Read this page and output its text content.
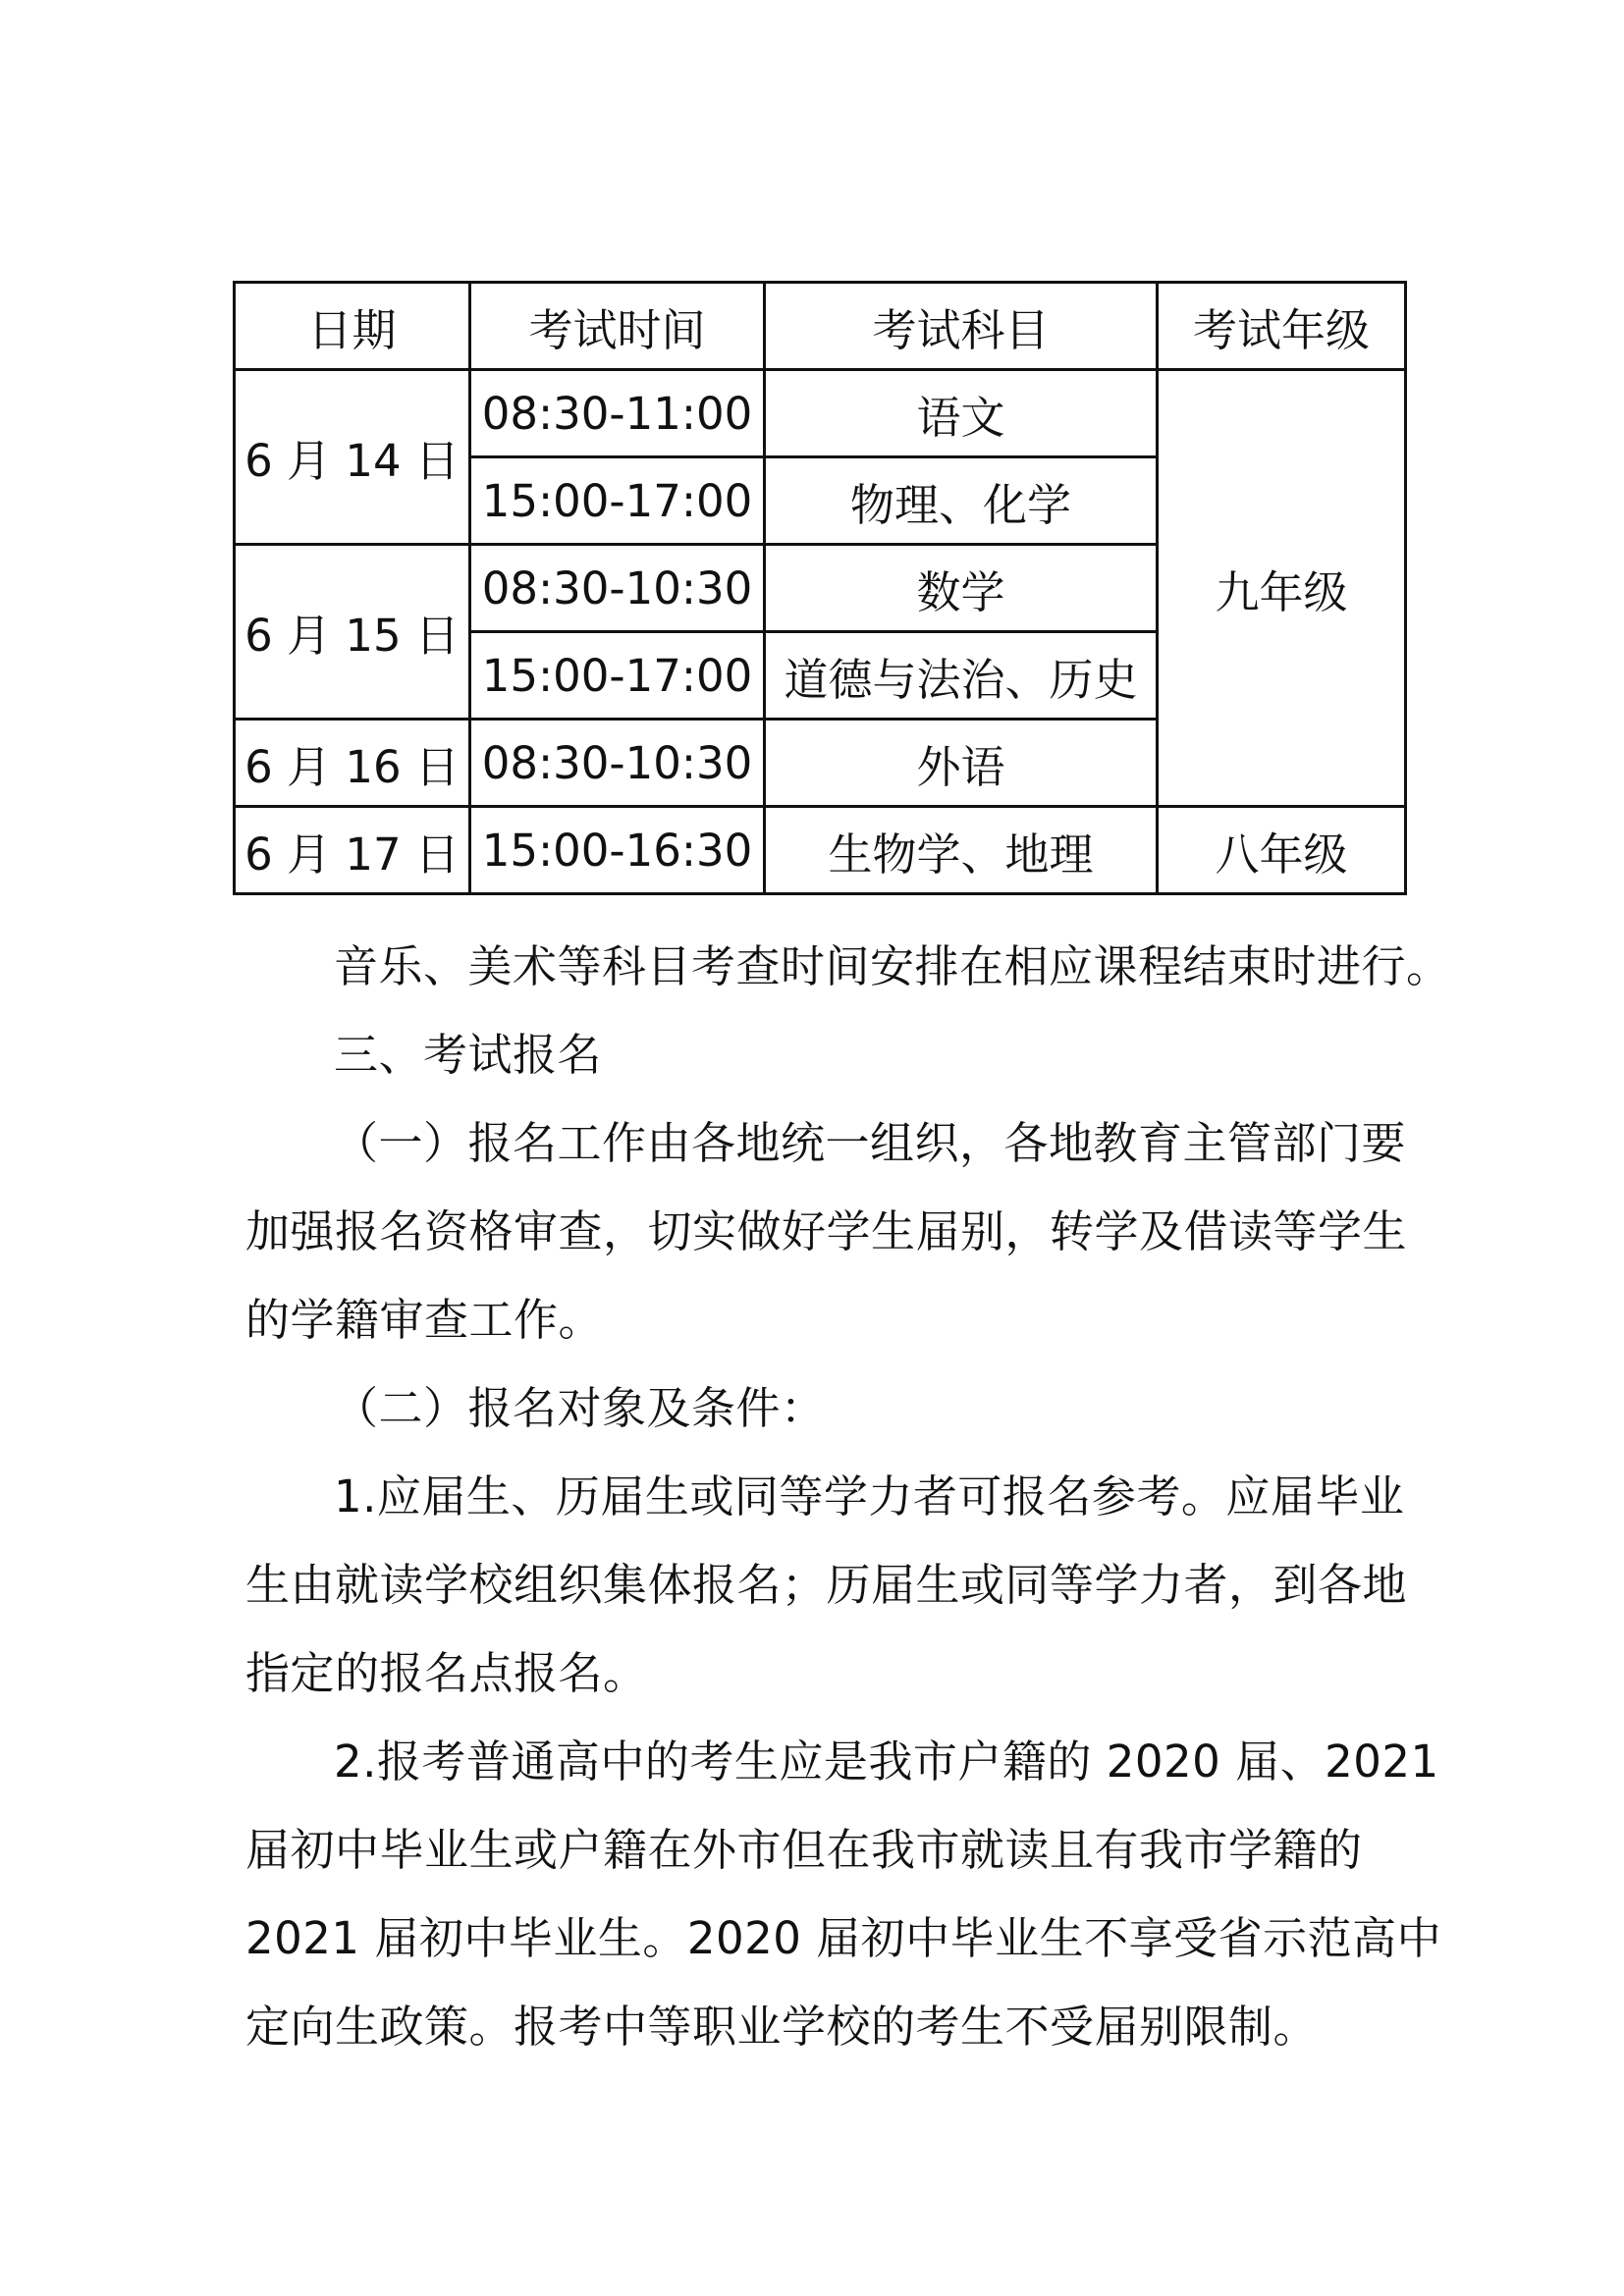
日期	考试时间	考试科目	考试年级
6 月 14 日	08:30-11:00	语文	九年级
	15:00-17:00	物理、化学	
6 月 15 日	08:30-10:30	数学	
	15:00-17:00	道德与法治、历史	
6 月 16 日	08:30-10:30	外语	
6 月 17 日	15:00-16:30	生物学、地理	八年级

音乐、美术等科目考查时间安排在相应课程结束时进行。

三、考试报名

（一）报名工作由各地统一组织，各地教育主管部门要
加强报名资格审查，切实做好学生届别，转学及借读等学生
的学籍审查工作。

（二）报名对象及条件：

1.应届生、历届生或同等学力者可报名参考。应届毕业
生由就读学校组织集体报名；历届生或同等学力者，到各地
指定的报名点报名。

2.报考普通高中的考生应是我市户籍的 2020 届、2021
届初中毕业生或户籍在外市但在我市就读且有我市学籍的
2021 届初中毕业生。2020 届初中毕业生不享受省示范高中
定向生政策。报考中等职业学校的考生不受届别限制。
